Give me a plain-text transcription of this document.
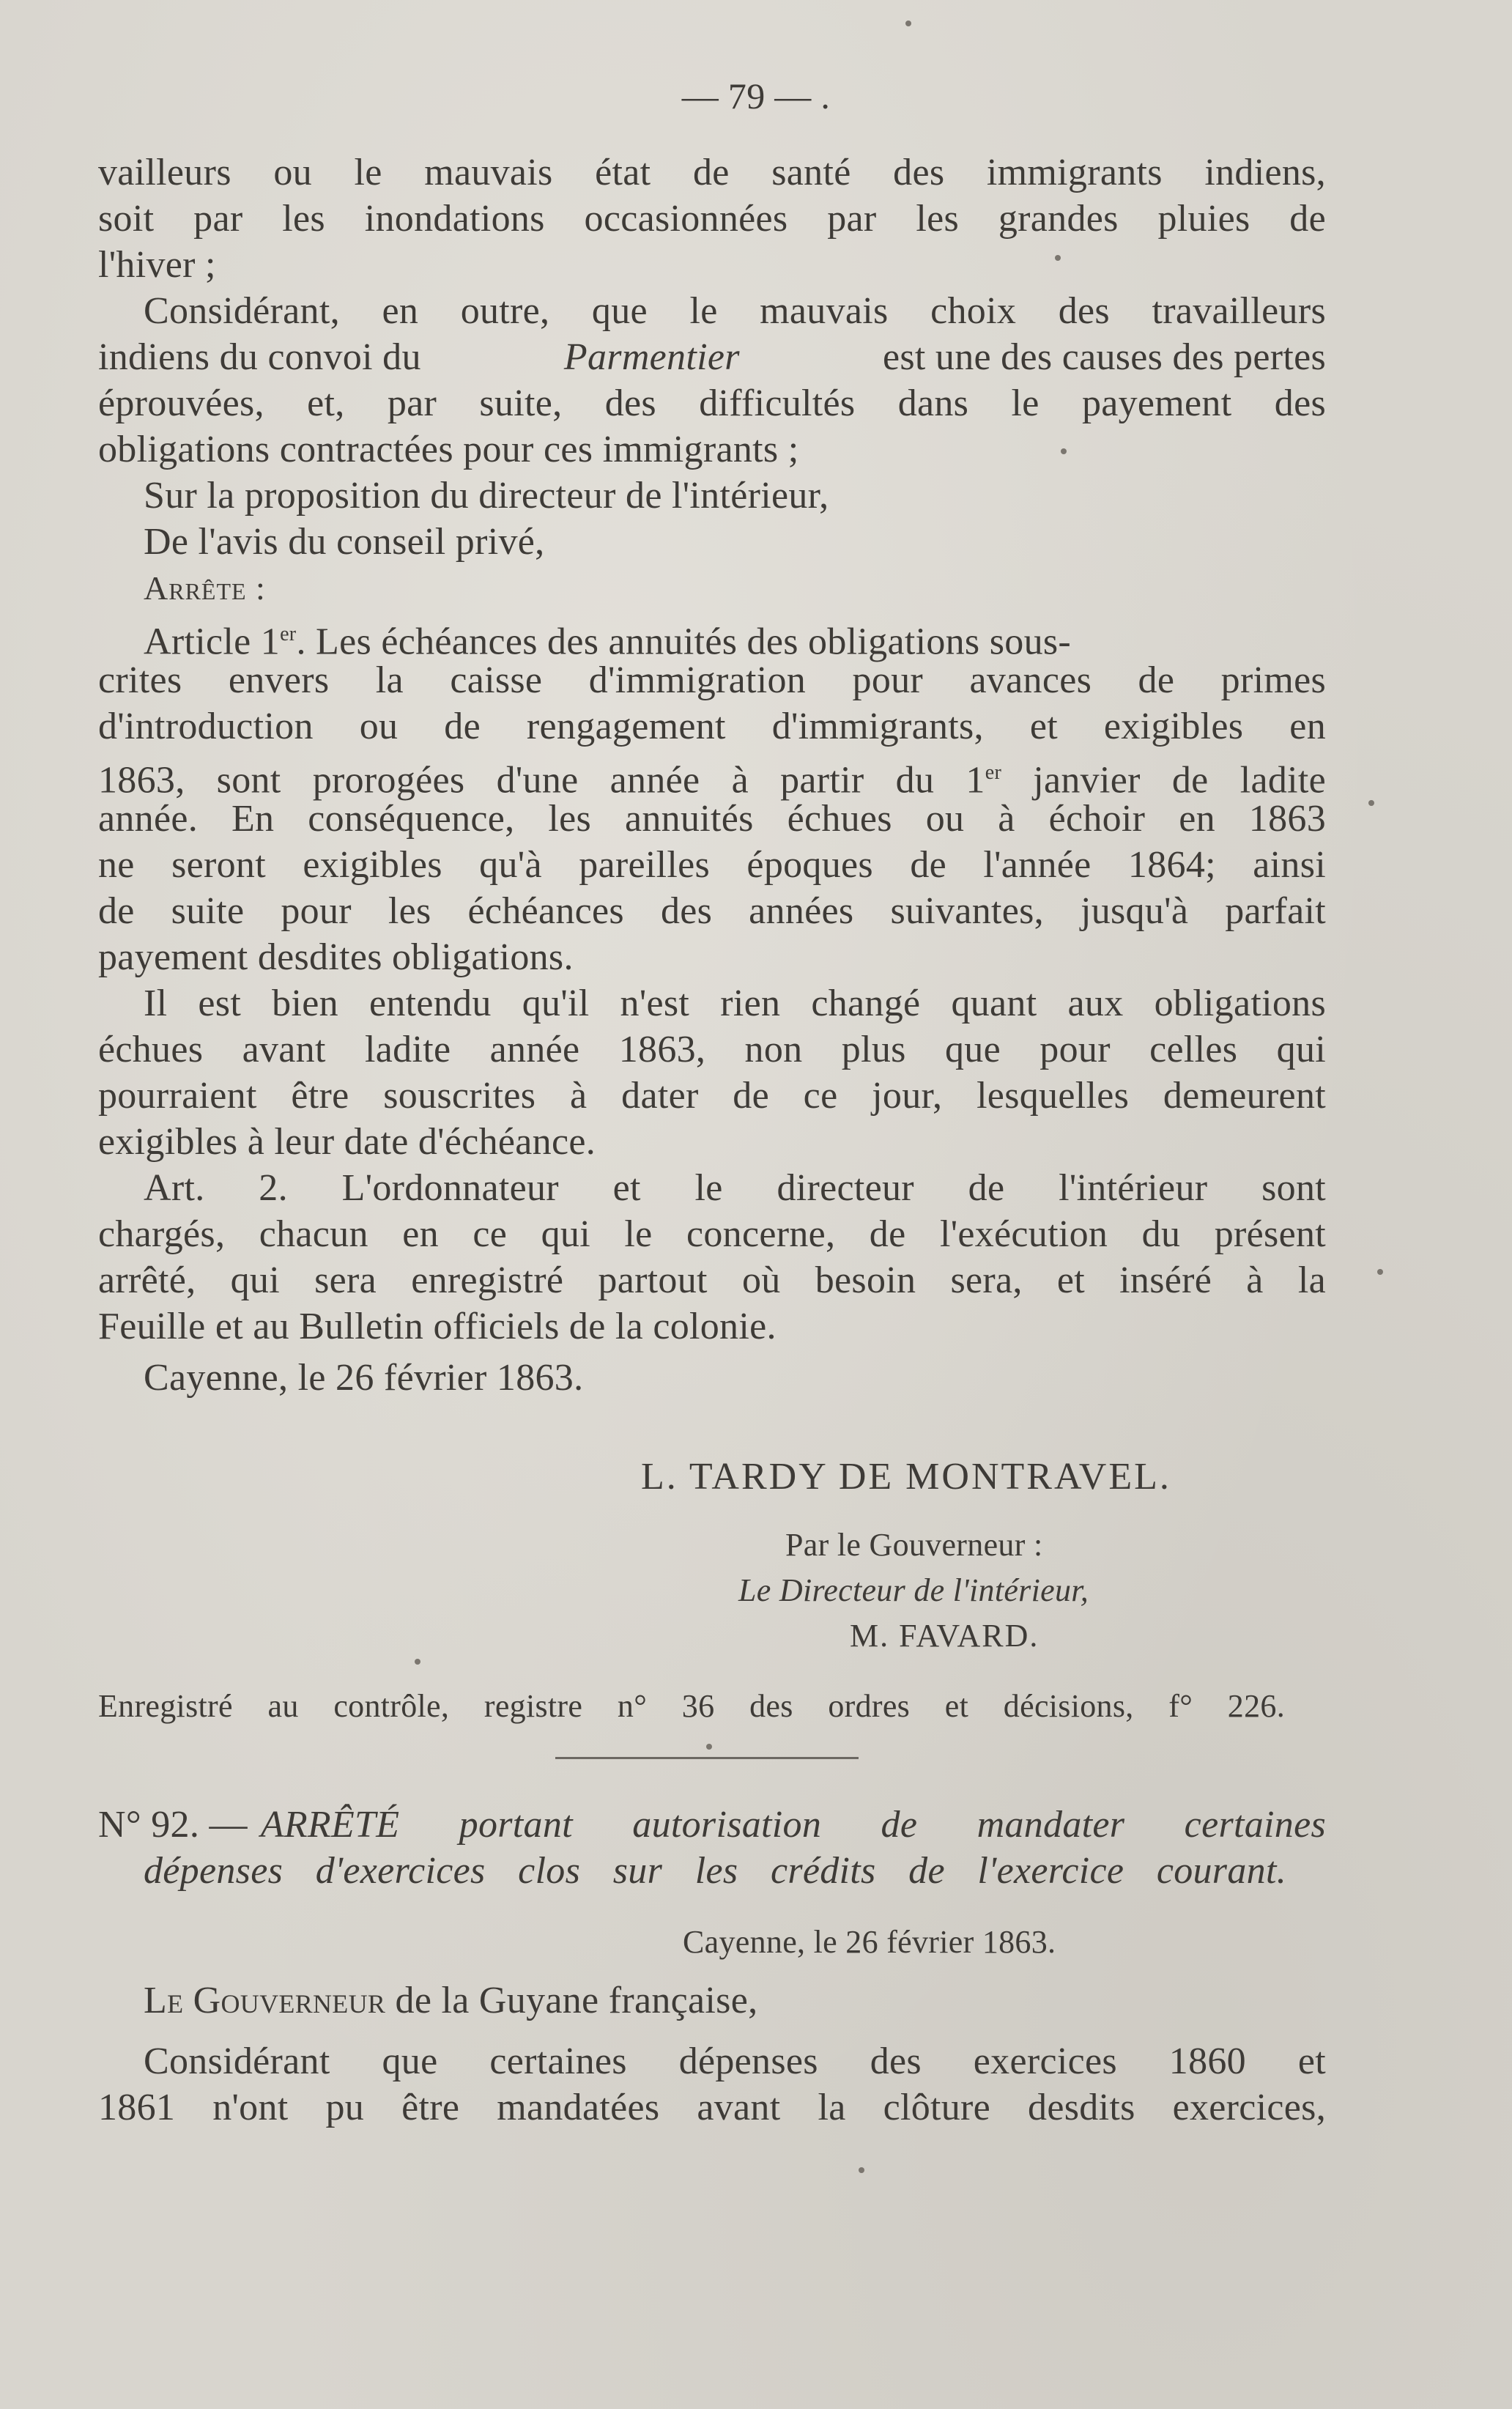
— 79 — .
vailleurs ou le mauvais état de santé des immigrants indiens,
soit par les inondations occasionnées par les grandes pluies de
l'hiver ;
Considérant, en outre, que le mauvais choix des travailleurs
indiens du convoi du	Parmentier	est une des causes des pertes
éprouvées, et, par suite, des difficultés dans le payement des
obligations contractées pour ces immigrants ;
Sur la proposition du directeur de l'intérieur,
De l'avis du conseil privé,
Arrête :
Article 1er. Les échéances des annuités des obligations sous-
crites envers la caisse d'immigration pour avances de primes
d'introduction ou de rengagement d'immigrants, et exigibles en
1863, sont prorogées d'une année à partir du 1er janvier de ladite
année. En conséquence, les annuités échues ou à échoir en 1863
ne seront exigibles qu'à pareilles époques de l'année 1864; ainsi
de suite pour les échéances des années suivantes, jusqu'à parfait
payement desdites obligations.
Il est bien entendu qu'il n'est rien changé quant aux obligations
échues avant ladite année 1863, non plus que pour celles qui
pourraient être souscrites à dater de ce jour, lesquelles demeurent
exigibles à leur date d'échéance.
Art. 2. L'ordonnateur et le directeur de l'intérieur sont
chargés, chacun en ce qui le concerne, de l'exécution du présent
arrêté, qui sera enregistré partout où besoin sera, et inséré à la
Feuille et au Bulletin officiels de la colonie.
Cayenne, le 26 février 1863.
L. TARDY DE MONTRAVEL.
Par le Gouverneur :
Le Directeur de l'intérieur,
M. FAVARD.
Enregistré au contrôle, registre n° 36 des ordres et décisions, f° 226.
N° 92. — ARRÊTÉ portant autorisation de mandater certaines
dépenses d'exercices clos sur les crédits de l'exercice courant.
Cayenne, le 26 février 1863.
Le Gouverneur de la Guyane française,
Considérant que certaines dépenses des exercices 1860 et
1861 n'ont pu être mandatées avant la clôture desdits exercices,
